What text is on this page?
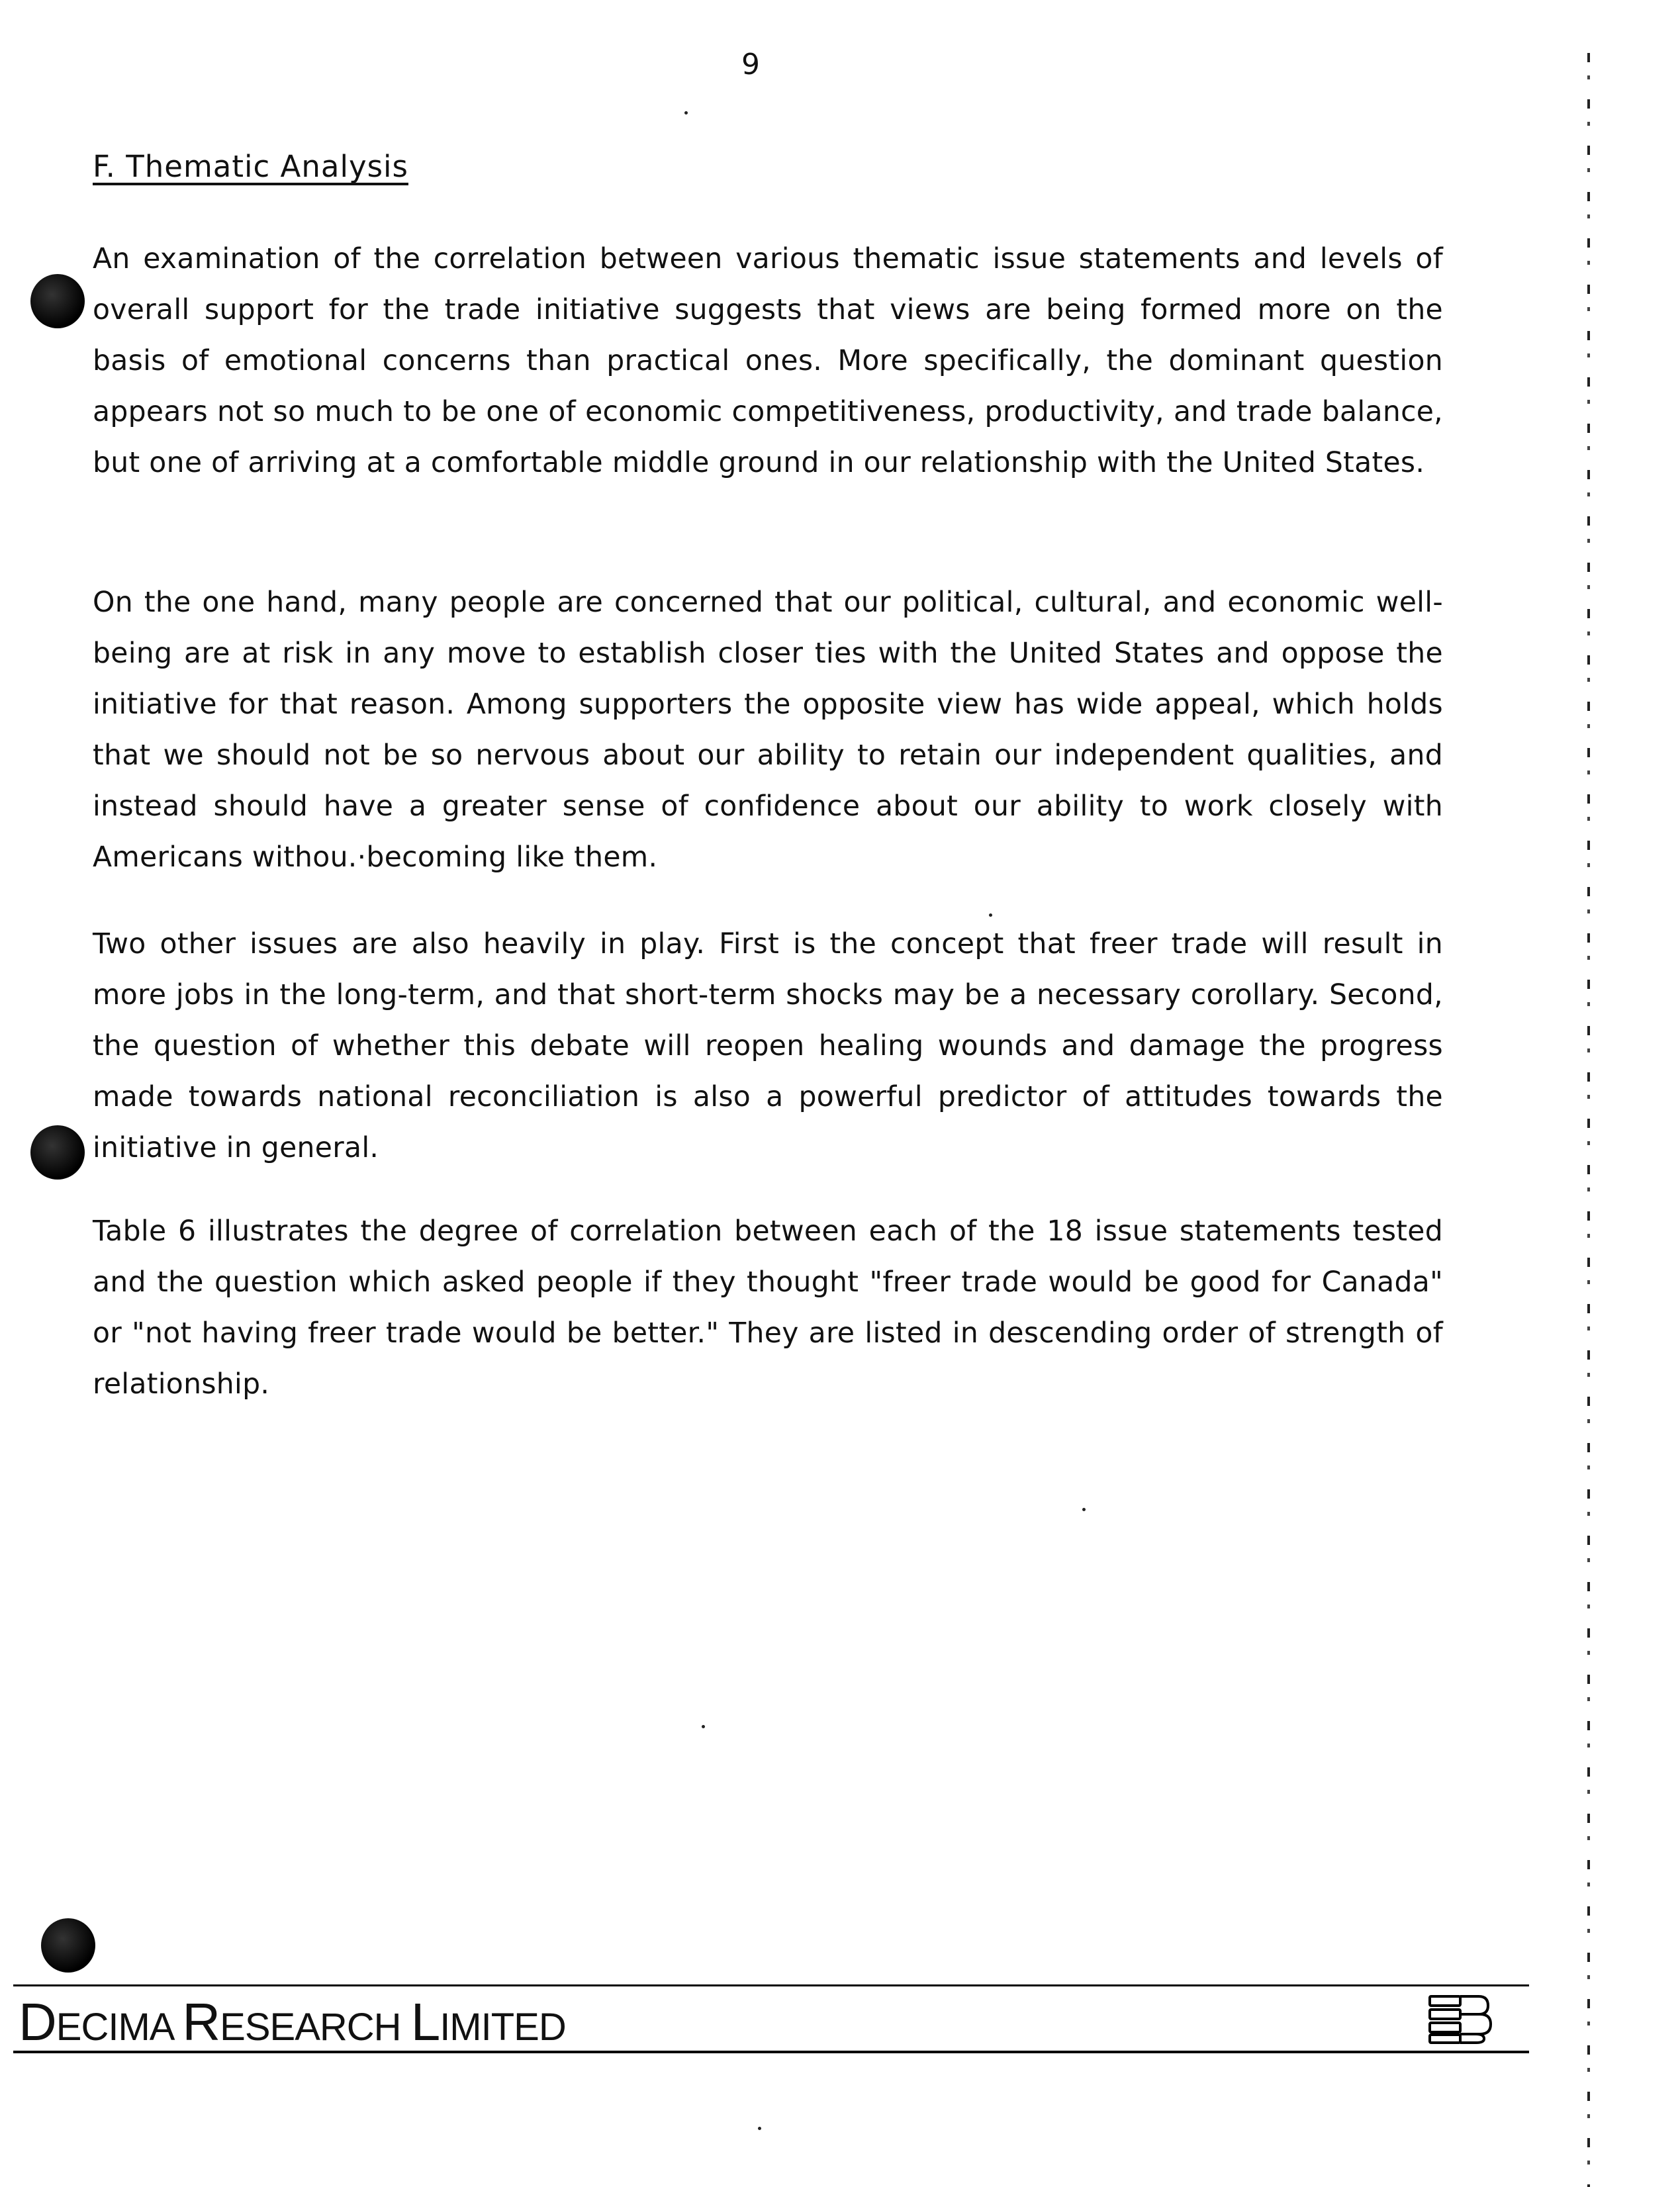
9
F. Thematic Analysis

An examination of the correlation between various thematic issue statements and levels of overall support for the trade initiative suggests that views are being formed more on the basis of emotional concerns than practical ones. More specifically, the dominant question appears not so much to be one of economic competitiveness, productivity, and trade balance, but one of arriving at a comfortable middle ground in our relationship with the United States.

On the one hand, many people are concerned that our political, cultural, and economic well-being are at risk in any move to establish closer ties with the United States and oppose the initiative for that reason. Among supporters the opposite view has wide appeal, which holds that we should not be so nervous about our ability to retain our independent qualities, and instead should have a greater sense of confidence about our ability to work closely with Americans withou.·becoming like them.

Two other issues are also heavily in play. First is the concept that freer trade will result in more jobs in the long-term, and that short-term shocks may be a necessary corollary. Second, the question of whether this debate will reopen healing wounds and damage the progress made towards national reconciliation is also a powerful predictor of attitudes towards the initiative in general.

Table 6 illustrates the degree of correlation between each of the 18 issue statements tested and the question which asked people if they thought "freer trade would be good for Canada" or "not having freer trade would be better." They are listed in descending order of strength of relationship.

DECIMA RESEARCH LIMITED
